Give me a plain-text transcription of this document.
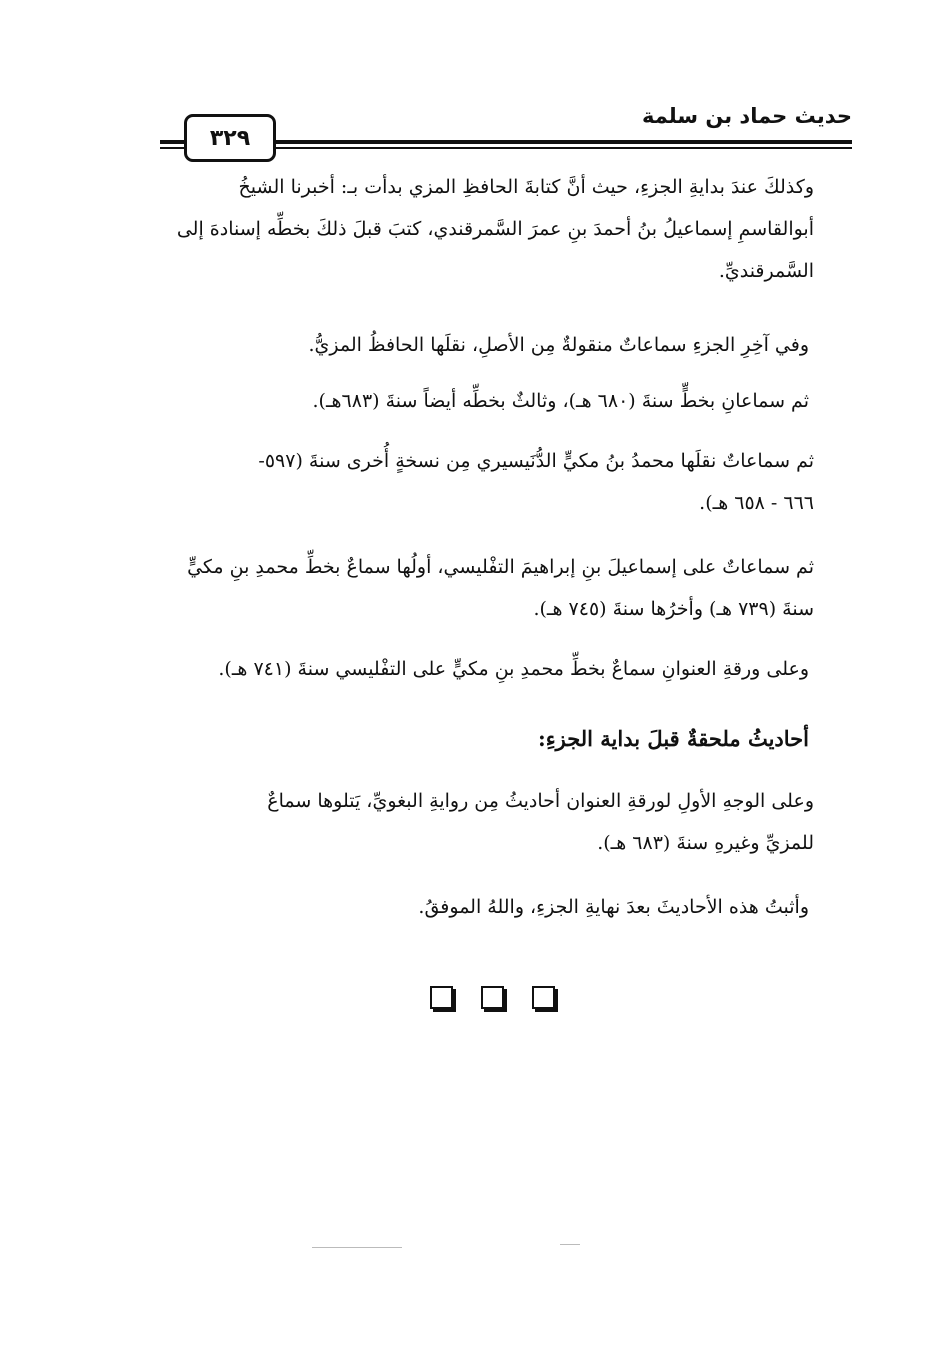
حديث حماد بن سلمة
٣٢٩

وكذلكَ عندَ بدايةِ الجزءِ، حيث أنَّ كتابةَ الحافظِ المزي بدأت بـ: أخبرنا الشيخُ
أبوالقاسمِ إسماعيلُ بنُ أحمدَ بنِ عمرَ السَّمرقندي، كتبَ قبلَ ذلكَ بخطِّه إسنادهَ إلى
السَّمرقنديِّ.

وفي آخِرِ الجزءِ سماعاتٌ منقولةٌ مِن الأصلِ، نقلَها الحافظُ المزيُّ.

ثم سماعانِ بخطٍّ سنةَ (٦٨٠ هـ)، وثالثٌ بخطِّه أيضاً سنةَ (٦٨٣هـ).

ثم سماعاتٌ نقلَها محمدُ بنُ مكيٍّ الدُّنَيسيري مِن نسخةٍ أُخرى سنةَ (٥٩٧-
٦٦٦ - ٦٥٨ هـ).

ثم سماعاتٌ على إسماعيلَ بنِ إبراهيمَ التفْليسي، أولُها سماعٌ بخطِّ محمدِ بنِ مكيٍّ
سنةَ (٧٣٩ هـ) وأخرُها سنةَ (٧٤٥ هـ).

وعلى ورقةِ العنوانِ سماعٌ بخطِّ محمدِ بنِ مكيٍّ على التفْليسي سنةَ (٧٤١ هـ).

أحاديثُ ملحقةٌ قبلَ بداية الجزءِ:

وعلى الوجهِ الأولِ لورقةِ العنوان أحاديثُ مِن روايةِ البغويِّ، يَتلوها سماعٌ
للمزيِّ وغيرهِ سنةَ (٦٨٣ هـ).

وأثبتُ هذه الأحاديثَ بعدَ نهايةِ الجزءِ، واللهُ الموفقُ.
